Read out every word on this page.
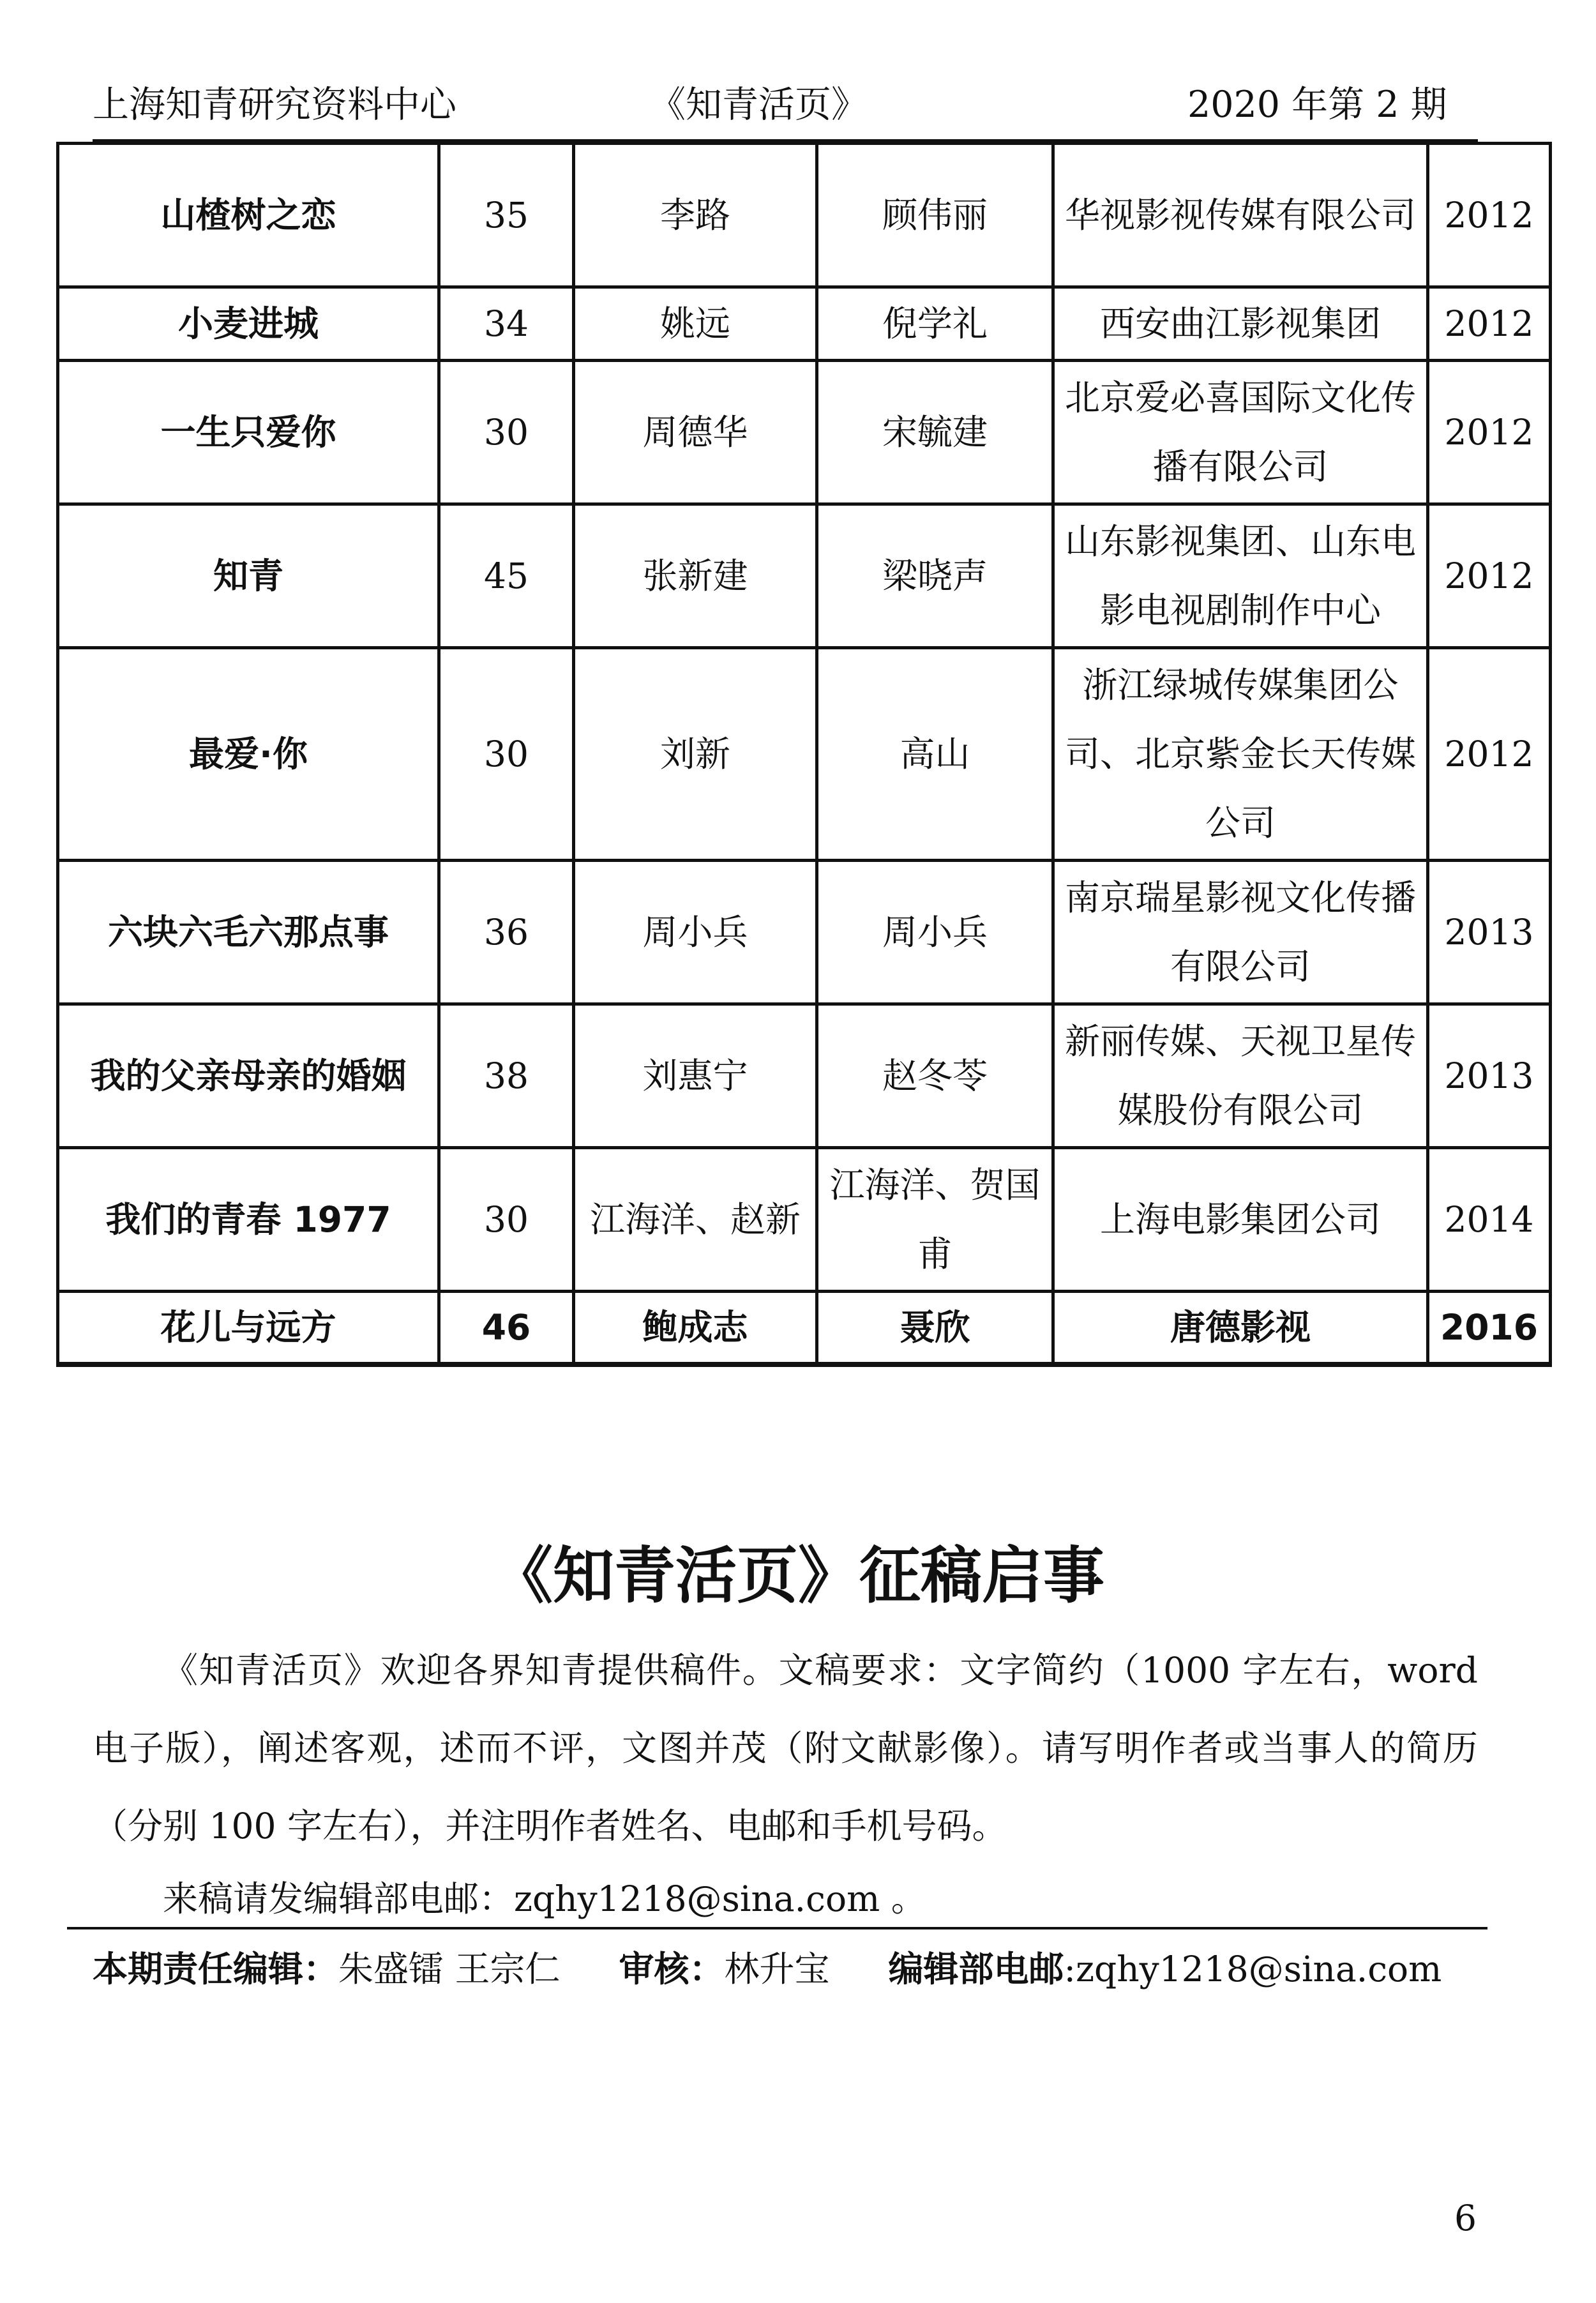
上海知青研究资料中心	《知青活页》	2020 年第 2 期
山楂树之恋	35	李路	顾伟丽	华视影视传媒有限公司	2012
小麦进城	34	姚远	倪学礼	西安曲江影视集团	2012
一生只爱你	30	周德华	宋毓建	北京爱必喜国际文化传播有限公司	2012
知青	45	张新建	梁晓声	山东影视集团、山东电影电视剧制作中心	2012
最爱·你	30	刘新	高山	浙江绿城传媒集团公司、北京紫金长天传媒公司	2012
六块六毛六那点事	36	周小兵	周小兵	南京瑞星影视文化传播有限公司	2013
我的父亲母亲的婚姻	38	刘惠宁	赵冬苓	新丽传媒、天视卫星传媒股份有限公司	2013
我们的青春 1977	30	江海洋、赵新	江海洋、贺国甫	上海电影集团公司	2014
花儿与远方	46	鲍成志	聂欣	唐德影视	2016
《知青活页》征稿启事

《知青活页》欢迎各界知青提供稿件。文稿要求：文字简约（1000 字左右，word 电子版），阐述客观，述而不评，文图并茂（附文献影像）。请写明作者或当事人的简历（分别 100 字左右），并注明作者姓名、电邮和手机号码。

来稿请发编辑部电邮：zqhy1218@sina.com 。
本期责任编辑：朱盛镭 王宗仁 审核：林升宝 编辑部电邮:zqhy1218@sina.com
6
